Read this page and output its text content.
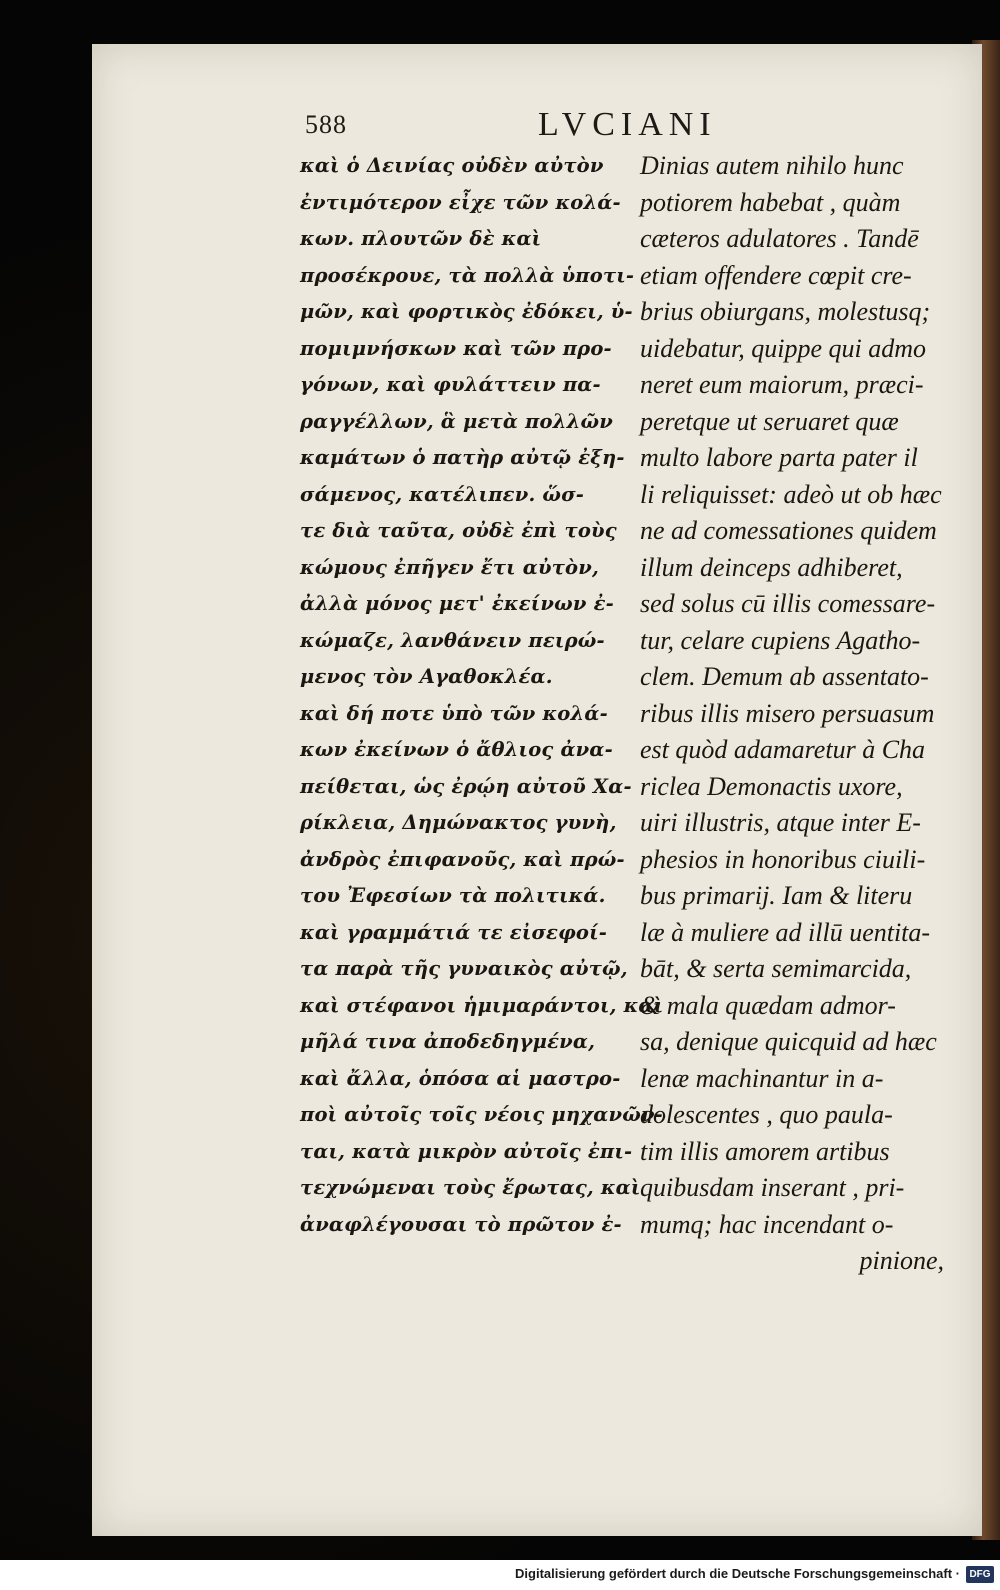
588	LVCIANI
καὶ ὁ Δεινίας οὐδὲν αὐτὸν
ἐντιμότερον εἶχε τῶν κολά-
κων. πλουτῶν δὲ καὶ
προσέκρουε, τὰ πολλὰ ὑποτι-
μῶν, καὶ φορτικὸς ἐδόκει, ὑ-
πομιμνήσκων καὶ τῶν προ-
γόνων, καὶ φυλάττειν πα-
ραγγέλλων, ἃ μετὰ πολλῶν
καμάτων ὁ πατὴρ αὐτῷ ἐξη-
σάμενος, κατέλιπεν. ὥσ-
τε διὰ ταῦτα, οὐδὲ ἐπὶ τοὺς
κώμους ἐπῆγεν ἔτι αὐτὸν,
ἀλλὰ μόνος μετ' ἐκείνων ἐ-
κώμαζε, λανθάνειν πειρώ-
μενος τὸν Αγαθοκλέα.
καὶ δή ποτε ὑπὸ τῶν κολά-
κων ἐκείνων ὁ ἄθλιος ἀνα-
πείθεται, ὡς ἐρῴη αὐτοῦ Χα-
ρίκλεια, Δημώνακτος γυνὴ,
ἀνδρὸς ἐπιφανοῦς, καὶ πρώ-
του Ἐφεσίων τὰ πολιτικά.
καὶ γραμμάτιά τε εἰσεφοί-
τα παρὰ τῆς γυναικὸς αὐτῷ,
καὶ στέφανοι ἡμιμαράντοι, καὶ
μῆλά τινα ἀποδεδηγμένα,
καὶ ἄλλα, ὁπόσα αἱ μαστρο-
ποὶ αὐτοῖς τοῖς νέοις μηχανῶν-
ται, κατὰ μικρὸν αὐτοῖς ἐπι-
τεχνώμεναι τοὺς ἔρωτας, καὶ
ἀναφλέγουσαι τὸ πρῶτον ἐ-
Dinias autem nihilo hunc
potiorem habebat , quàm
cæteros adulatores . Tandē
etiam offendere cœpit cre-
brius obiurgans, molestusq;
uidebatur, quippe qui admo
neret eum maiorum, præci-
peretque ut seruaret quæ
multo labore parta pater il
li reliquisset: adeò ut ob hæc
ne ad comessationes quidem
illum deinceps adhiberet,
sed solus cū illis comessare-
tur, celare cupiens Agatho-
clem. Demum ab assentato-
ribus illis misero persuasum
est quòd adamaretur à Cha
riclea Demonactis uxore,
uiri illustris, atque inter E-
phesios in honoribus ciuili-
bus primarij. Iam & literu
læ à muliere ad illū uentita-
bāt, & serta semimarcida,
& mala quædam admor-
sa, denique quicquid ad hæc
lenæ machinantur in a-
dolescentes , quo paula-
tim illis amorem artibus
quibusdam inserant , pri-
mumq; hac incendant o-
pinione,
Digitalisierung gefördert durch die Deutsche Forschungsgemeinschaft · DFG
